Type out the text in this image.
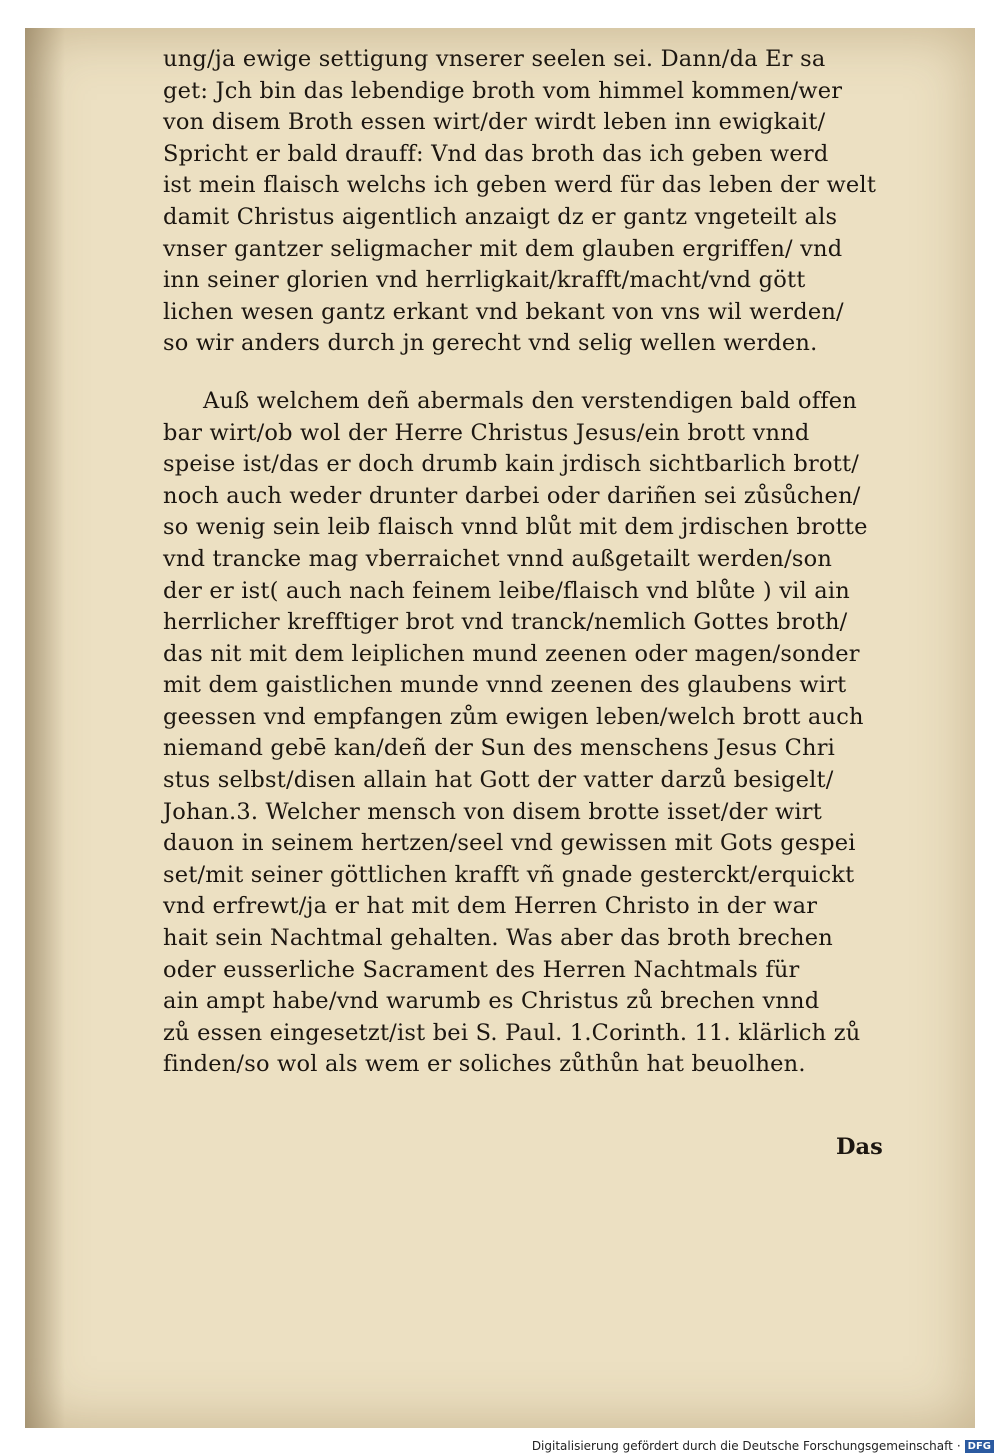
ung/ja ewige settigung vnserer seelen sei. Dann/da Er sa
get: Jch bin das lebendige broth vom himmel kommen/wer
von disem Broth essen wirt/der wirdt leben inn ewigkait/
Spricht er bald drauff: Vnd das broth das ich geben werd
ist mein flaisch welchs ich geben werd für das leben der welt
damit Christus aigentlich anzaigt dz er gantz vngeteilt als
vnser gantzer seligmacher mit dem glauben ergriffen/ vnd
inn seiner glorien vnd herrligkait/krafft/macht/vnd gött
lichen wesen gantz erkant vnd bekant von vns wil werden/
so wir anders durch jn gerecht vnd selig wellen werden.
Auß welchem deñ abermals den verstendigen bald offen
bar wirt/ob wol der Herre Christus Jesus/ein brott vnnd
speise ist/das er doch drumb kain jrdisch sichtbarlich brott/
noch auch weder drunter darbei oder dariñen sei zůsůchen/
so wenig sein leib flaisch vnnd blůt mit dem jrdischen brotte
vnd trancke mag vberraichet vnnd außgetailt werden/son
der er ist( auch nach feinem leibe/flaisch vnd blůte ) vil ain
herrlicher krefftiger brot vnd tranck/nemlich Gottes broth/
das nit mit dem leiplichen mund zeenen oder magen/sonder
mit dem gaistlichen munde vnnd zeenen des glaubens wirt
geessen vnd empfangen zům ewigen leben/welch brott auch
niemand gebē kan/deñ der Sun des menschens Jesus Chri
stus selbst/disen allain hat Gott der vatter darzů besigelt/
Johan.3. Welcher mensch von disem brotte isset/der wirt
dauon in seinem hertzen/seel vnd gewissen mit Gots gespei
set/mit seiner göttlichen krafft vñ gnade gesterckt/erquickt
vnd erfrewt/ja er hat mit dem Herren Christo in der war
hait sein Nachtmal gehalten. Was aber das broth brechen
oder eusserliche Sacrament des Herren Nachtmals für
ain ampt habe/vnd warumb es Christus zů brechen vnnd
zů essen eingesetzt/ist bei S. Paul. 1.Corinth. 11. klärlich zů
finden/so wol als wem er soliches zůthůn hat beuolhen.
Das
Digitalisierung gefördert durch die Deutsche Forschungsgemeinschaft · DFG
